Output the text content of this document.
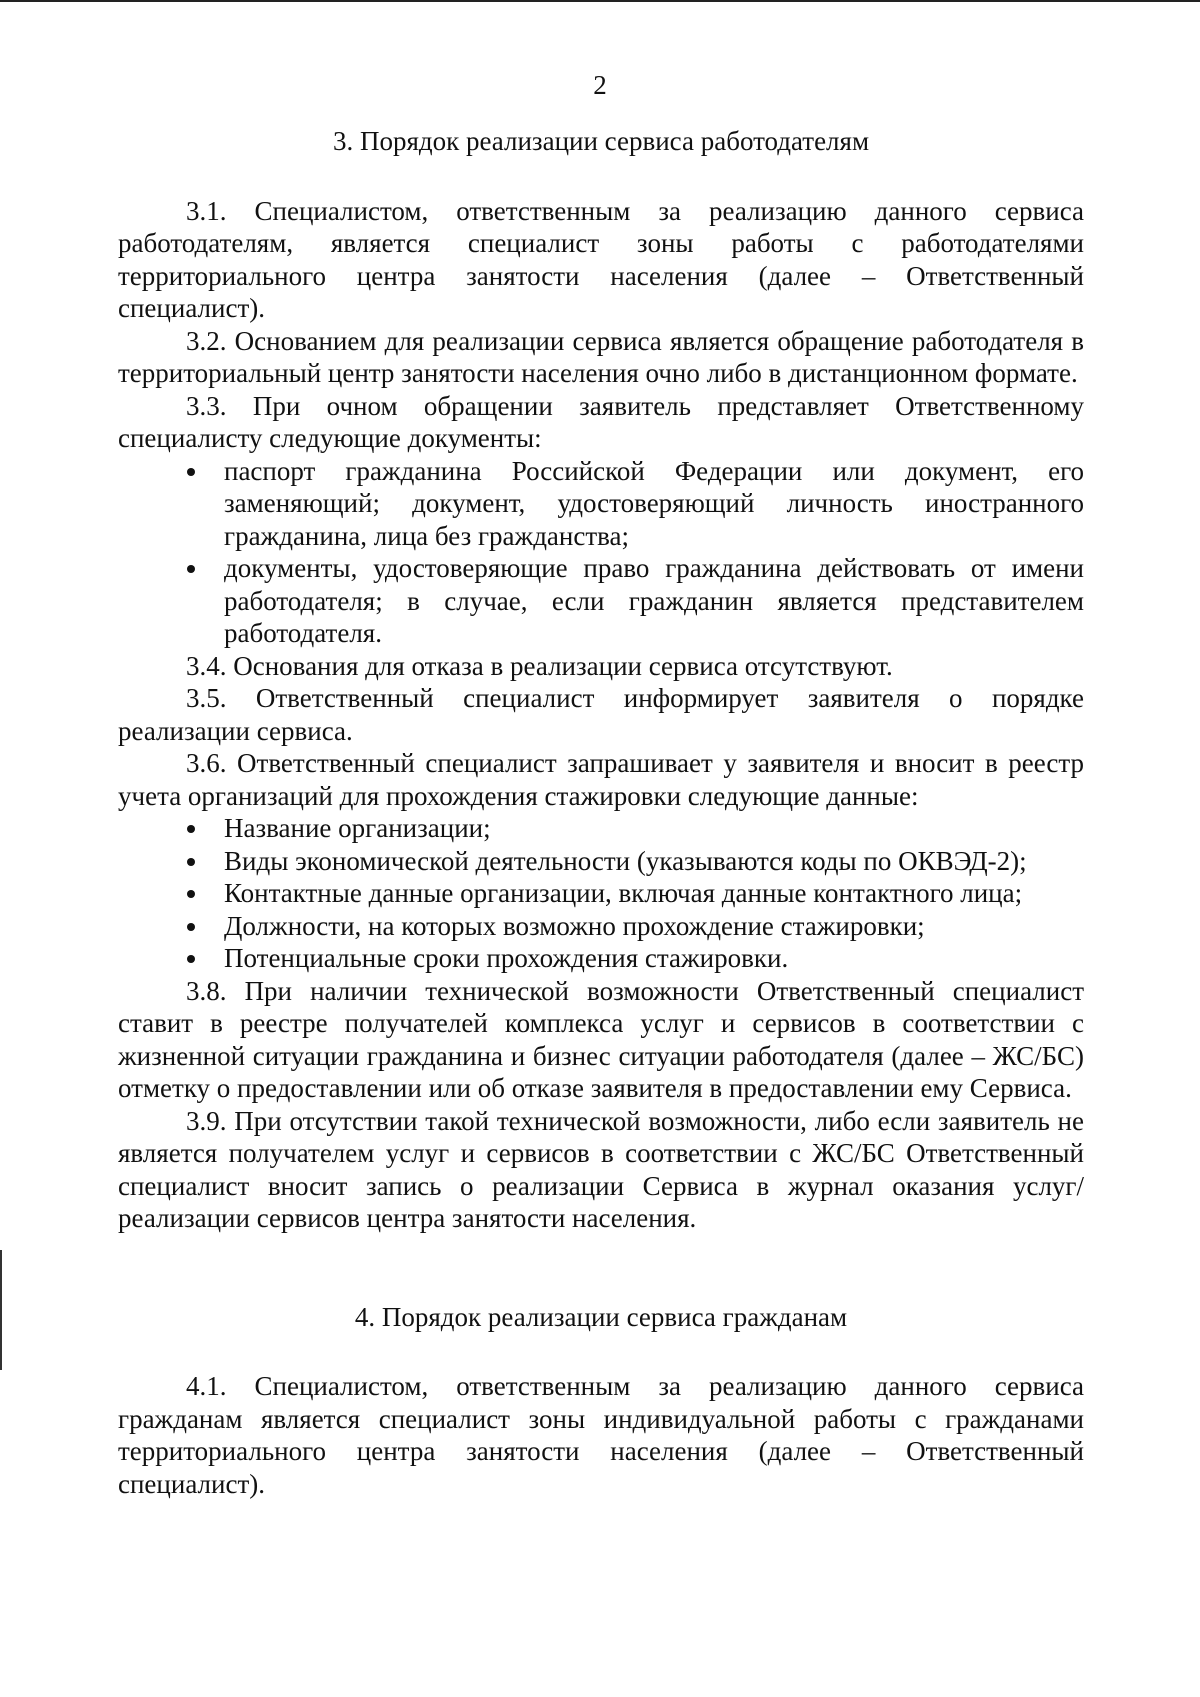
2
3. Порядок реализации сервиса работодателям

3.1. Специалистом, ответственным за реализацию данного сервиса работодателям, является специалист зоны работы с работодателями территориального центра занятости населения (далее – Ответственный специалист).

3.2. Основанием для реализации сервиса является обращение работодателя в территориальный центр занятости населения очно либо в дистанционном формате.

3.3. При очном обращении заявитель представляет Ответственному специалисту следующие документы:

паспорт гражданина Российской Федерации или документ, его заменяющий; документ, удостоверяющий личность иностранного гражданина, лица без гражданства;
документы, удостоверяющие право гражданина действовать от имени работодателя; в случае, если гражданин является представителем работодателя.

3.4. Основания для отказа в реализации сервиса отсутствуют.

3.5. Ответственный специалист информирует заявителя о порядке реализации сервиса.

3.6. Ответственный специалист запрашивает у заявителя и вносит в реестр учета организаций для прохождения стажировки следующие данные:

Название организации;
Виды экономической деятельности (указываются коды по ОКВЭД-2);
Контактные данные организации, включая данные контактного лица;
Должности, на которых возможно прохождение стажировки;
Потенциальные сроки прохождения стажировки.

3.8. При наличии технической возможности Ответственный специалист ставит в реестре получателей комплекса услуг и сервисов в соответствии с жизненной ситуации гражданина и бизнес ситуации работодателя (далее – ЖС/БС) отметку о предоставлении или об отказе заявителя в предоставлении ему Сервиса.

3.9. При отсутствии такой технической возможности, либо если заявитель не является получателем услуг и сервисов в соответствии с ЖС/БС Ответственный специалист вносит запись о реализации Сервиса в журнал оказания услуг/ реализации сервисов центра занятости населения.

4. Порядок реализации сервиса гражданам

4.1. Специалистом, ответственным за реализацию данного сервиса гражданам является специалист зоны индивидуальной работы с гражданами территориального центра занятости населения (далее – Ответственный специалист).
